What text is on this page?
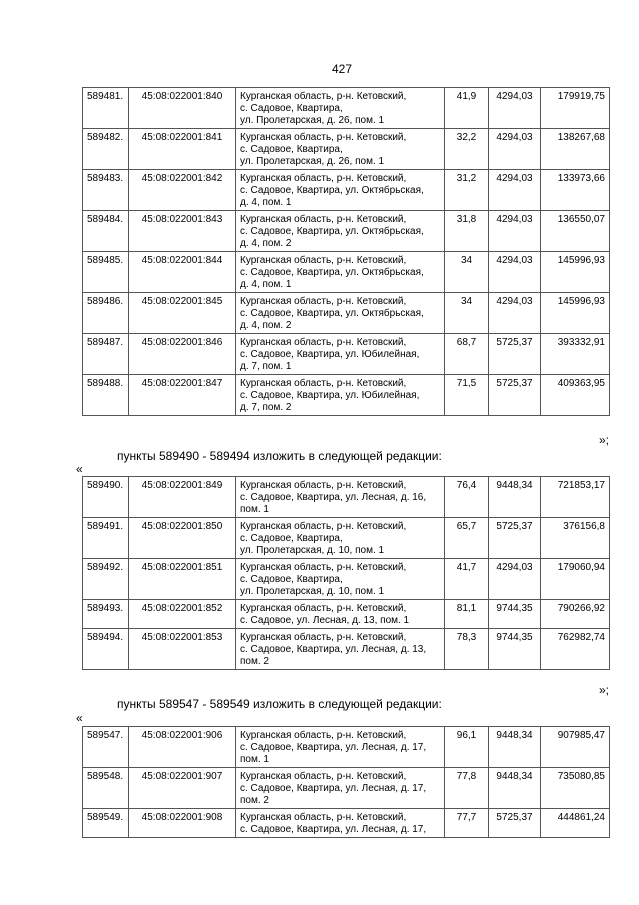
427
589481.	45:08:022001:840	Курганская область, р-н. Кетовский,
с. Садовое, Квартира,
ул. Пролетарская, д. 26, пом. 1	41,9	4294,03	179919,75
589482.	45:08:022001:841	Курганская область, р-н. Кетовский,
с. Садовое, Квартира,
ул. Пролетарская, д. 26, пом. 1	32,2	4294,03	138267,68
589483.	45:08:022001:842	Курганская область, р-н. Кетовский,
с. Садовое, Квартира, ул. Октябрьская,
д. 4, пом. 1	31,2	4294,03	133973,66
589484.	45:08:022001:843	Курганская область, р-н. Кетовский,
с. Садовое, Квартира, ул. Октябрьская,
д. 4, пом. 2	31,8	4294,03	136550,07
589485.	45:08:022001:844	Курганская область, р-н. Кетовский,
с. Садовое, Квартира, ул. Октябрьская,
д. 4, пом. 1	34	4294,03	145996,93
589486.	45:08:022001:845	Курганская область, р-н. Кетовский,
с. Садовое, Квартира, ул. Октябрьская,
д. 4, пом. 2	34	4294,03	145996,93
589487.	45:08:022001:846	Курганская область, р-н. Кетовский,
с. Садовое, Квартира, ул. Юбилейная,
д. 7, пом. 1	68,7	5725,37	393332,91
589488.	45:08:022001:847	Курганская область, р-н. Кетовский,
с. Садовое, Квартира, ул. Юбилейная,
д. 7, пом. 2	71,5	5725,37	409363,95
»;
пункты 589490 - 589494 изложить в следующей редакции:
«
589490.	45:08:022001:849	Курганская область, р-н. Кетовский,
с. Садовое, Квартира, ул. Лесная, д. 16,
пом. 1	76,4	9448,34	721853,17
589491.	45:08:022001:850	Курганская область, р-н. Кетовский,
с. Садовое, Квартира,
ул. Пролетарская, д. 10, пом. 1	65,7	5725,37	376156,8
589492.	45:08:022001:851	Курганская область, р-н. Кетовский,
с. Садовое, Квартира,
ул. Пролетарская, д. 10, пом. 1	41,7	4294,03	179060,94
589493.	45:08:022001:852	Курганская область, р-н. Кетовский,
с. Садовое, ул. Лесная, д. 13, пом. 1	81,1	9744,35	790266,92
589494.	45:08:022001:853	Курганская область, р-н. Кетовский,
с. Садовое, Квартира, ул. Лесная, д. 13,
пом. 2	78,3	9744,35	762982,74
»;
пункты 589547 - 589549 изложить в следующей редакции:
«
589547.	45:08:022001:906	Курганская область, р-н. Кетовский,
с. Садовое, Квартира, ул. Лесная, д. 17,
пом. 1	96,1	9448,34	907985,47
589548.	45:08:022001:907	Курганская область, р-н. Кетовский,
с. Садовое, Квартира, ул. Лесная, д. 17,
пом. 2	77,8	9448,34	735080,85
589549.	45:08:022001:908	Курганская область, р-н. Кетовский,
с. Садовое, Квартира, ул. Лесная, д. 17,	77,7	5725,37	444861,24
